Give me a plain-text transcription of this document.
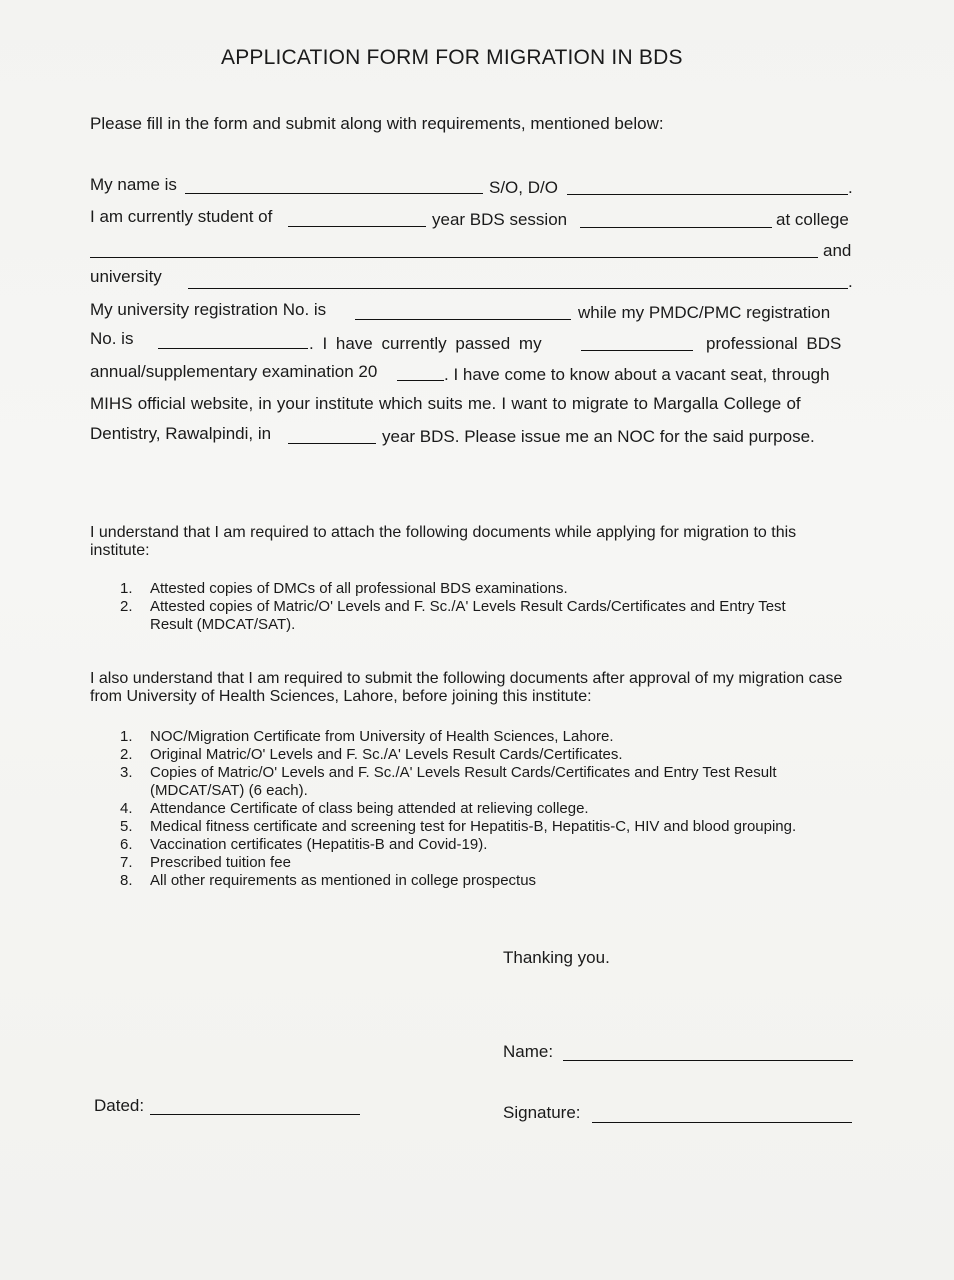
APPLICATION FORM FOR MIGRATION IN BDS
Please fill in the form and submit along with requirements, mentioned below:
My name is	S/O, D/O	.
I am currently student of	year BDS session	at college
and
university	.
My university registration No. is	while my PMDC/PMC registration
No. is	. I have currently passed my	professional BDS
annual/supplementary examination 20	. I have come to know about a vacant seat, through
MIHS official website, in your institute which suits me. I want to migrate to Margalla College of
Dentistry, Rawalpindi, in	year BDS. Please issue me an NOC for the said purpose.
I understand that I am required to attach the following documents while applying for migration to this
institute:
1.	Attested copies of DMCs of all professional BDS examinations.
2.	Attested copies of Matric/O' Levels and F. Sc./A' Levels Result Cards/Certificates and Entry Test
Result (MDCAT/SAT).
I also understand that I am required to submit the following documents after approval of my migration case
from University of Health Sciences, Lahore, before joining this institute:
1.	NOC/Migration Certificate from University of Health Sciences, Lahore.
2.	Original Matric/O' Levels and F. Sc./A' Levels Result Cards/Certificates.
3.	Copies of Matric/O' Levels and F. Sc./A' Levels Result Cards/Certificates and Entry Test Result
(MDCAT/SAT) (6 each).
4.	Attendance Certificate of class being attended at relieving college.
5.	Medical fitness certificate and screening test for Hepatitis-B, Hepatitis-C, HIV and blood grouping.
6.	Vaccination certificates (Hepatitis-B and Covid-19).
7.	Prescribed tuition fee
8.	All other requirements as mentioned in college prospectus
Thanking you.
Name:
Dated:	Signature:
